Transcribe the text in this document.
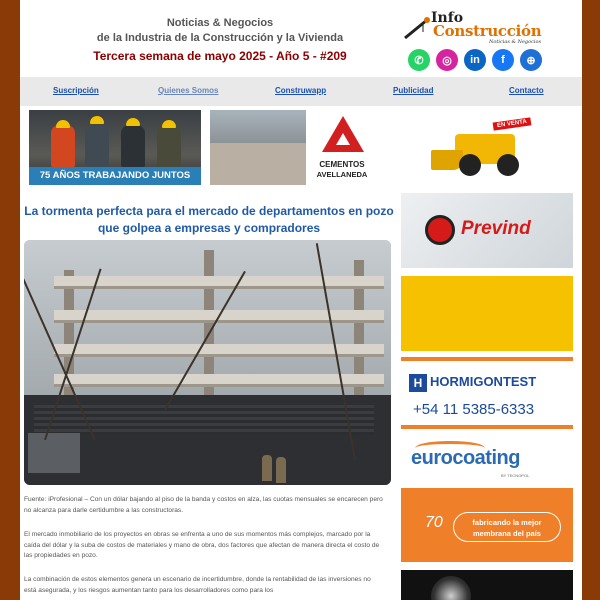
Noticias & Negocios
de la Industria de la Construcción y la Vivienda
Tercera semana de mayo 2025 - Año 5 - #209
Info
Construcción
Noticias & Negocios
✆	◎	in	f	⊕
Suscripción	Quienes Somos	Construwapp	Publicidad	Contacto
75 AÑOS TRABAJANDO JUNTOS
CEMENTOS
AVELLANEDA
EN VENTA
La tormenta perfecta para el mercado de departamentos en pozo que golpea a empresas y compradores
Fuente: iProfesional – Con un dólar bajando al piso de la banda y costos en alza, las cuotas mensuales se encarecen pero no alcanza para darle certidumbre a las constructoras.
El mercado inmobiliario de los proyectos en obras se enfrenta a uno de sus momentos más complejos, marcado por la caída del dólar y la suba de costos de materiales y mano de obra, dos factores que afectan de manera directa el costo de las propiedades en pozo.
La combinación de estos elementos genera un escenario de incertidumbre, donde la rentabilidad de las inversiones no está asegurada, y los riesgos aumentan tanto para los desarrolladores como para los
Prevind
H HORMIGONTEST
+54 11 5385-6333
eurocoating
BY TECNOPOL
70	fabricando la mejor membrana del país
